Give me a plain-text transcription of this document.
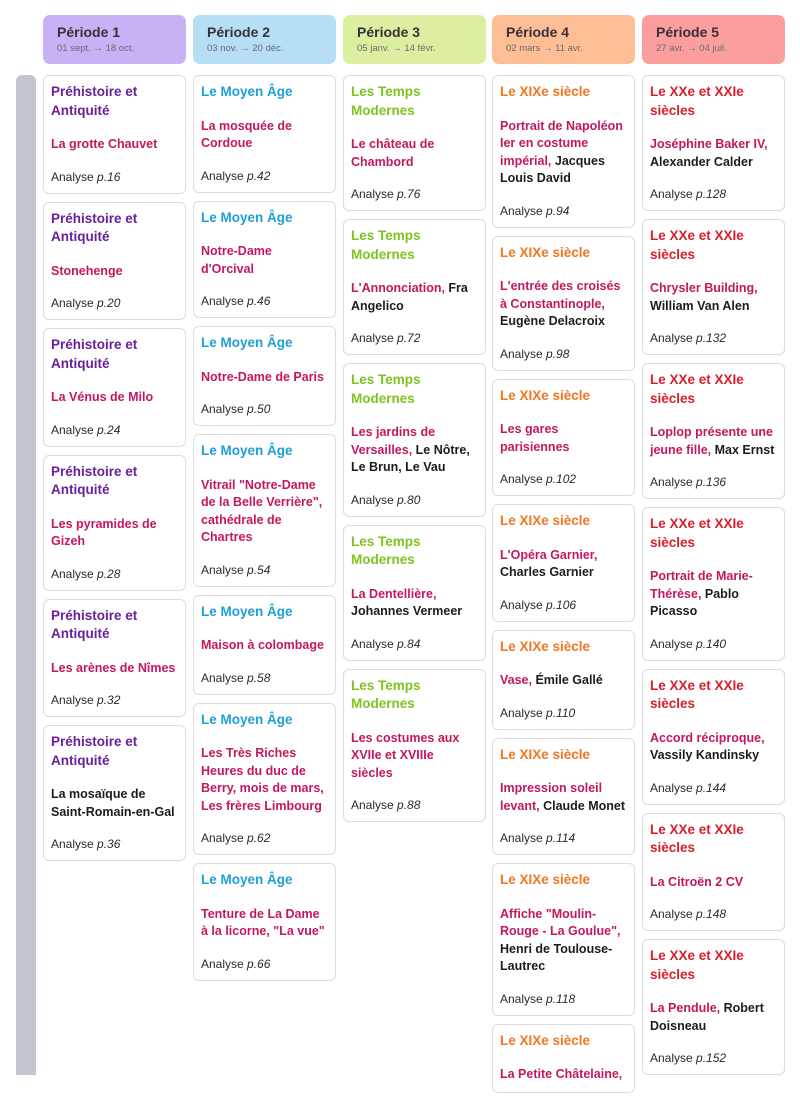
Période 1
01 sept. → 18 oct.
Préhistoire et Antiquité
La grotte Chauvet
Analyse p.16
Préhistoire et Antiquité
Stonehenge
Analyse p.20
Préhistoire et Antiquité
La Vénus de Milo
Analyse p.24
Préhistoire et Antiquité
Les pyramides de Gizeh
Analyse p.28
Préhistoire et Antiquité
Les arènes de Nîmes
Analyse p.32
Préhistoire et Antiquité
La mosaïque de Saint-Romain-en-Gal
Analyse p.36
Période 2
03 nov. → 20 déc.
Le Moyen Âge
La mosquée de Cordoue
Analyse p.42
Le Moyen Âge
Notre-Dame d'Orcival
Analyse p.46
Le Moyen Âge
Notre-Dame de Paris
Analyse p.50
Le Moyen Âge
Vitrail "Notre-Dame de la Belle Verrière", cathédrale de Chartres
Analyse p.54
Le Moyen Âge
Maison à colombage
Analyse p.58
Le Moyen Âge
Les Très Riches Heures du duc de Berry, mois de mars, Les frères Limbourg
Analyse p.62
Le Moyen Âge
Tenture de La Dame à la licorne, "La vue"
Analyse p.66
Période 3
05 janv. → 14 févr.
Les Temps Modernes
Le château de Chambord
Analyse p.76
Les Temps Modernes
L'Annonciation, Fra Angelico
Analyse p.72
Les Temps Modernes
Les jardins de Versailles, Le Nôtre, Le Brun, Le Vau
Analyse p.80
Les Temps Modernes
La Dentellière, Johannes Vermeer
Analyse p.84
Les Temps Modernes
Les costumes aux XVIIe et XVIIIe siècles
Analyse p.88
Période 4
02 mars → 11 avr.
Le XIXe siècle
Portrait de Napoléon Ier en costume impérial, Jacques Louis David
Analyse p.94
Le XIXe siècle
L'entrée des croisés à Constantinople, Eugène Delacroix
Analyse p.98
Le XIXe siècle
Les gares parisiennes
Analyse p.102
Le XIXe siècle
L'Opéra Garnier, Charles Garnier
Analyse p.106
Le XIXe siècle
Vase, Émile Gallé
Analyse p.110
Le XIXe siècle
Impression soleil levant, Claude Monet
Analyse p.114
Le XIXe siècle
Affiche "Moulin-Rouge - La Goulue", Henri de Toulouse-Lautrec
Analyse p.118
Le XIXe siècle
La Petite Châtelaine,
Période 5
27 avr. → 04 juil.
Le XXe et XXIe siècles
Joséphine Baker IV, Alexander Calder
Analyse p.128
Le XXe et XXIe siècles
Chrysler Building, William Van Alen
Analyse p.132
Le XXe et XXIe siècles
Loplop présente une jeune fille, Max Ernst
Analyse p.136
Le XXe et XXIe siècles
Portrait de Marie-Thérèse, Pablo Picasso
Analyse p.140
Le XXe et XXIe siècles
Accord réciproque, Vassily Kandinsky
Analyse p.144
Le XXe et XXIe siècles
La Citroën 2 CV
Analyse p.148
Le XXe et XXIe siècles
La Pendule, Robert Doisneau
Analyse p.152
